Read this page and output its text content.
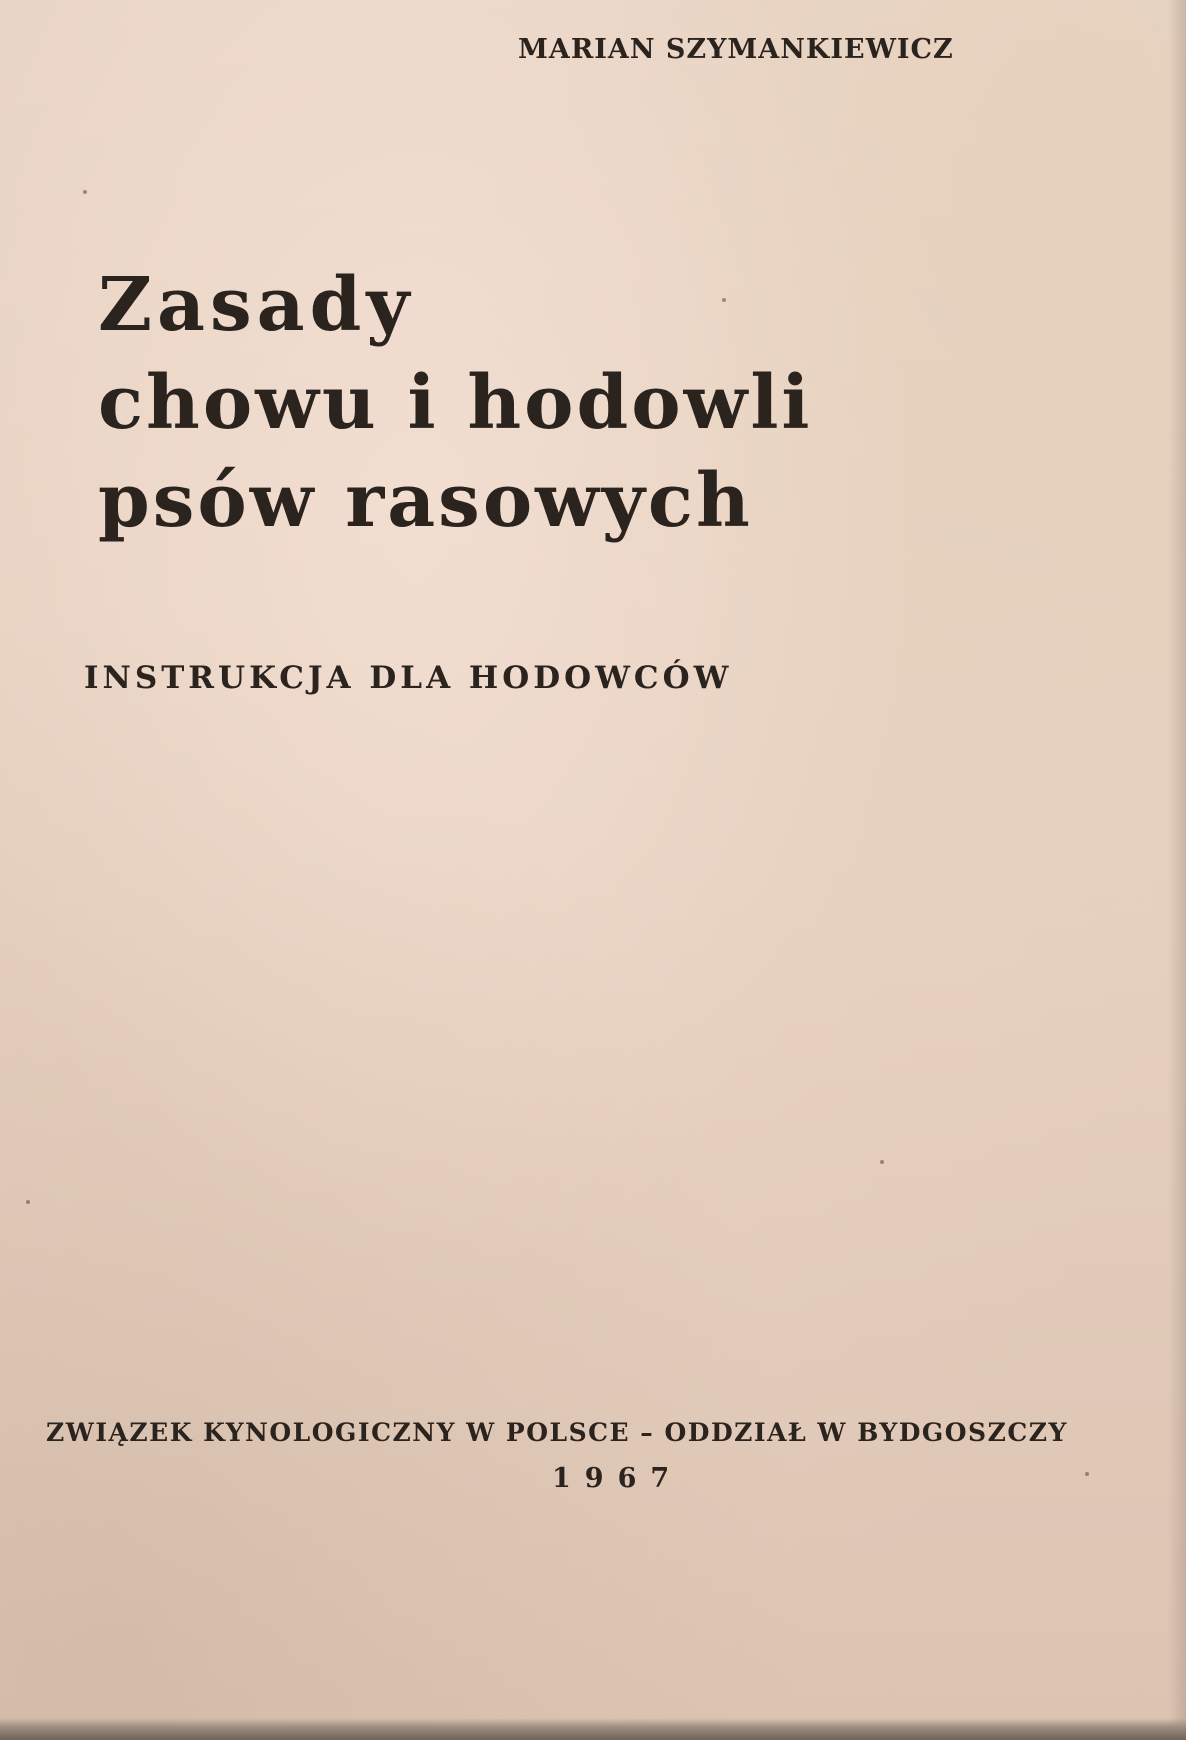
MARIAN SZYMANKIEWICZ
Zasady
chowu i hodowli
psów rasowych
INSTRUKCJA DLA HODOWCÓW
ZWIĄZEK KYNOLOGICZNY W POLSCE – ODDZIAŁ W BYDGOSZCZY
1967
